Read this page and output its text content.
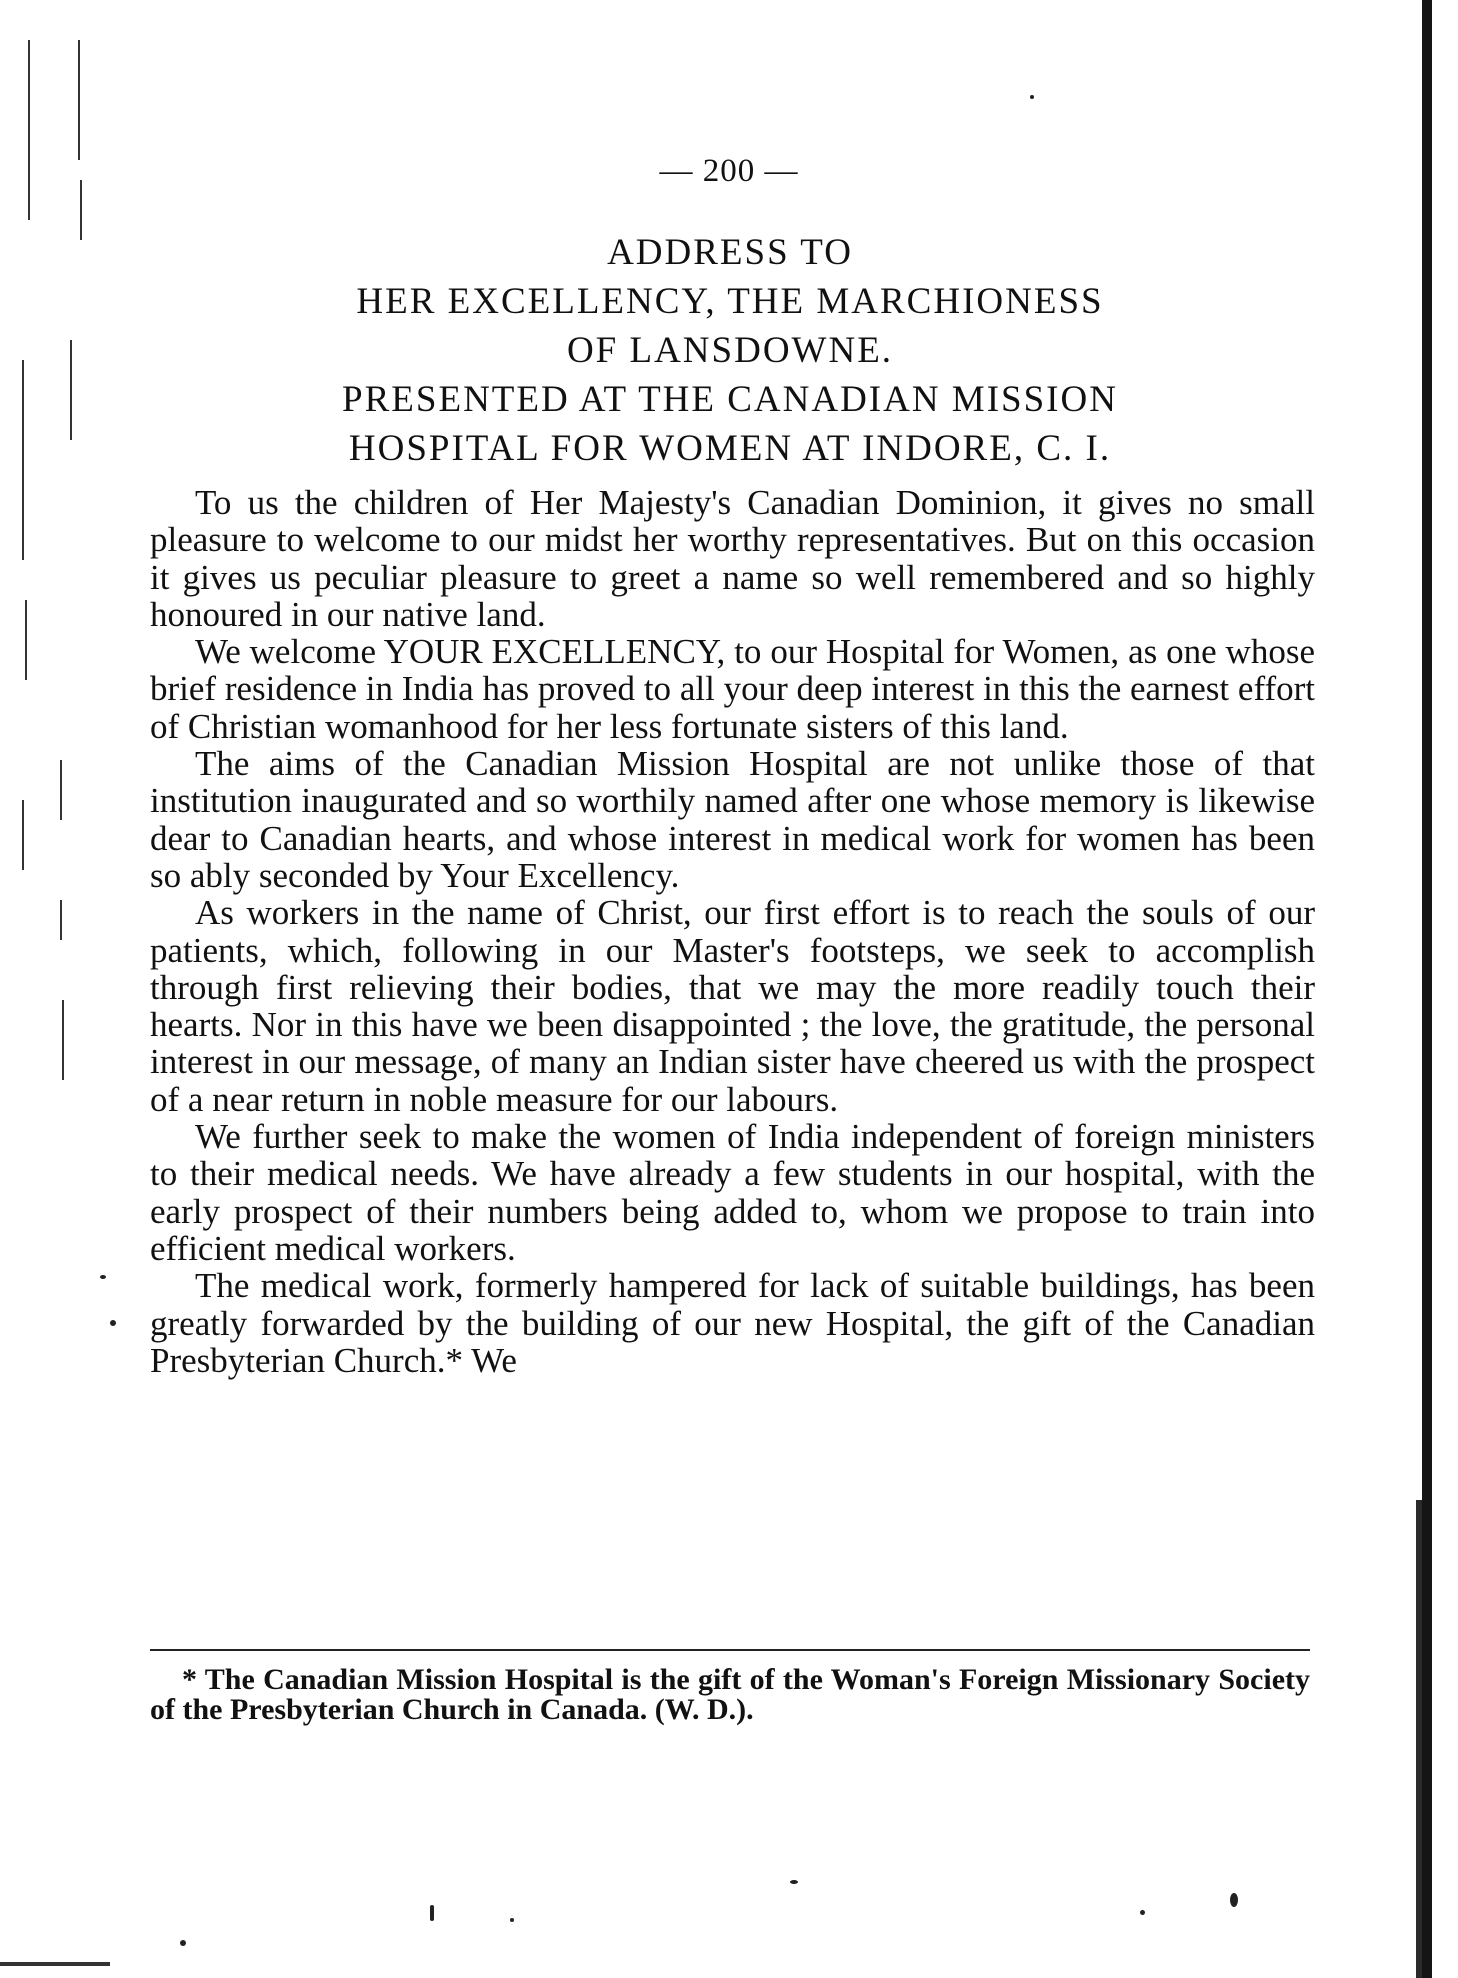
— 200 —
ADDRESS TO
HER EXCELLENCY, THE MARCHIONESS
OF LANSDOWNE.
PRESENTED AT THE CANADIAN MISSION
HOSPITAL FOR WOMEN AT INDORE, C. I.

To us the children of Her Majesty's Canadian Dominion, it gives no small pleasure to welcome to our midst her worthy representatives. But on this occasion it gives us peculiar pleasure to greet a name so well remembered and so highly honoured in our native land.

We welcome YOUR EXCELLENCY, to our Hospital for Women, as one whose brief residence in India has proved to all your deep interest in this the earnest effort of Christian womanhood for her less fortunate sisters of this land.

The aims of the Canadian Mission Hospital are not unlike those of that institution inaugurated and so worthily named after one whose memory is likewise dear to Canadian hearts, and whose interest in medical work for women has been so ably seconded by Your Excellency.

As workers in the name of Christ, our first effort is to reach the souls of our patients, which, following in our Master's footsteps, we seek to accomplish through first relieving their bodies, that we may the more readily touch their hearts. Nor in this have we been disappointed ; the love, the gratitude, the personal interest in our message, of many an Indian sister have cheered us with the prospect of a near return in noble measure for our labours.

We further seek to make the women of India independent of foreign ministers to their medical needs. We have already a few students in our hospital, with the early prospect of their numbers being added to, whom we propose to train into efficient medical workers.

The medical work, formerly hampered for lack of suitable buildings, has been greatly forwarded by the building of our new Hospital, the gift of the Canadian Presbyterian Church.* We

* The Canadian Mission Hospital is the gift of the Woman's Foreign Missionary Society of the Presbyterian Church in Canada. (W. D.).
